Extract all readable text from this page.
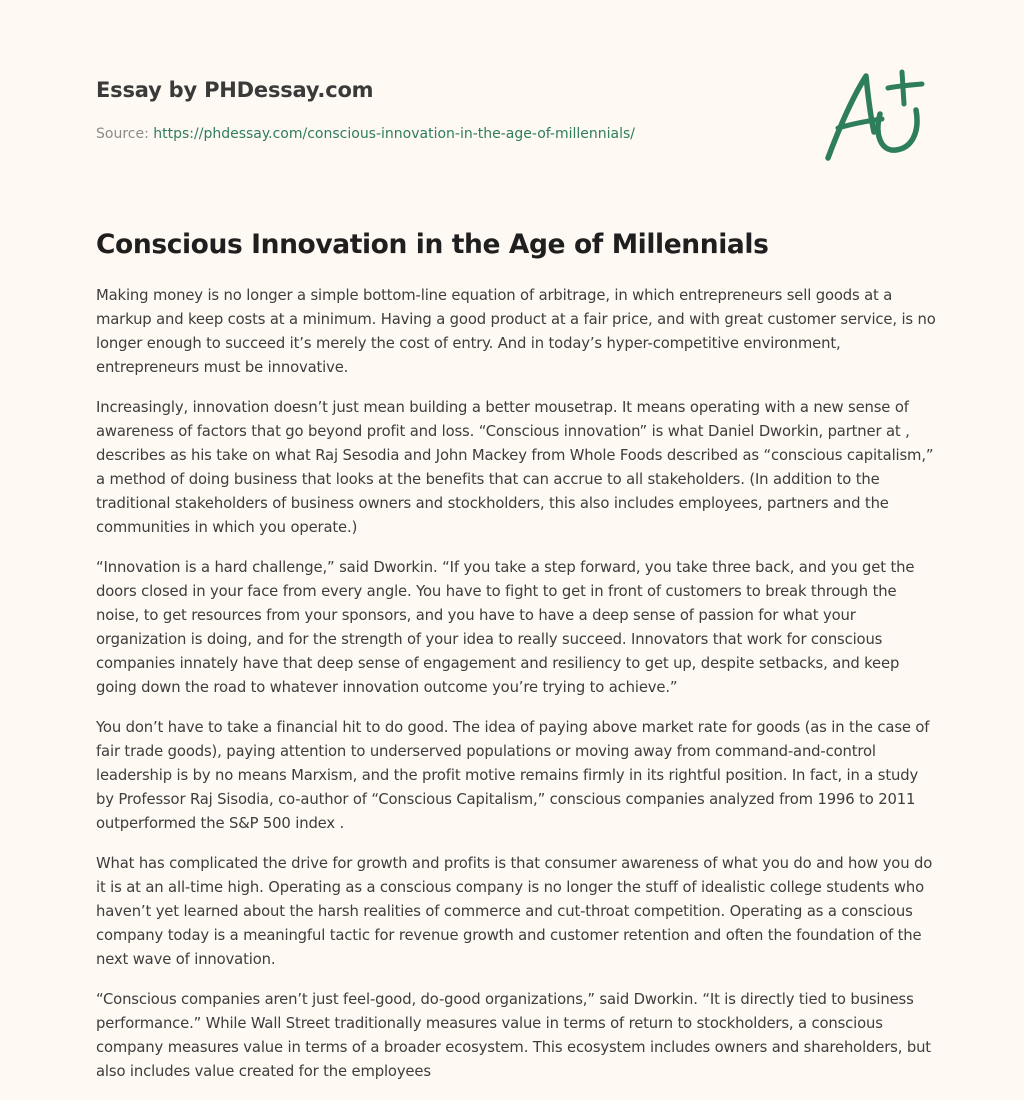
Essay by PHDessay.com
Source: https://phdessay.com/conscious-innovation-in-the-age-of-millennials/
Conscious Innovation in the Age of Millennials

Making money is no longer a simple bottom-line equation of arbitrage, in which entrepreneurs sell goods at a markup and keep costs at a minimum. Having a good product at a fair price, and with great customer service, is no longer enough to succeed it’s merely the cost of entry. And in today’s hyper-competitive environment, entrepreneurs must be innovative.

Increasingly, innovation doesn’t just mean building a better mousetrap. It means operating with a new sense of awareness of factors that go beyond profit and loss. “Conscious innovation” is what Daniel Dworkin, partner at , describes as his take on what Raj Sesodia and John Mackey from Whole Foods described as “conscious capitalism,” a method of doing business that looks at the benefits that can accrue to all stakeholders. (In addition to the traditional stakeholders of business owners and stockholders, this also includes employees, partners and the communities in which you operate.)

“Innovation is a hard challenge,” said Dworkin. “If you take a step forward, you take three back, and you get the doors closed in your face from every angle. You have to fight to get in front of customers to break through the noise, to get resources from your sponsors, and you have to have a deep sense of passion for what your organization is doing, and for the strength of your idea to really succeed. Innovators that work for conscious companies innately have that deep sense of engagement and resiliency to get up, despite setbacks, and keep going down the road to whatever innovation outcome you’re trying to achieve.”

You don’t have to take a financial hit to do good. The idea of paying above market rate for goods (as in the case of fair trade goods), paying attention to underserved populations or moving away from command-and-control leadership is by no means Marxism, and the profit motive remains firmly in its rightful position. In fact, in a study by Professor Raj Sisodia, co-author of “Conscious Capitalism,” conscious companies analyzed from 1996 to 2011 outperformed the S&P 500 index .

What has complicated the drive for growth and profits is that consumer awareness of what you do and how you do it is at an all-time high. Operating as a conscious company is no longer the stuff of idealistic college students who haven’t yet learned about the harsh realities of commerce and cut-throat competition. Operating as a conscious company today is a meaningful tactic for revenue growth and customer retention and often the foundation of the next wave of innovation.

“Conscious companies aren’t just feel-good, do-good organizations,” said Dworkin. “It is directly tied to business performance.” While Wall Street traditionally measures value in terms of return to stockholders, a conscious company measures value in terms of a broader ecosystem. This ecosystem includes owners and shareholders, but also includes value created for the employees
